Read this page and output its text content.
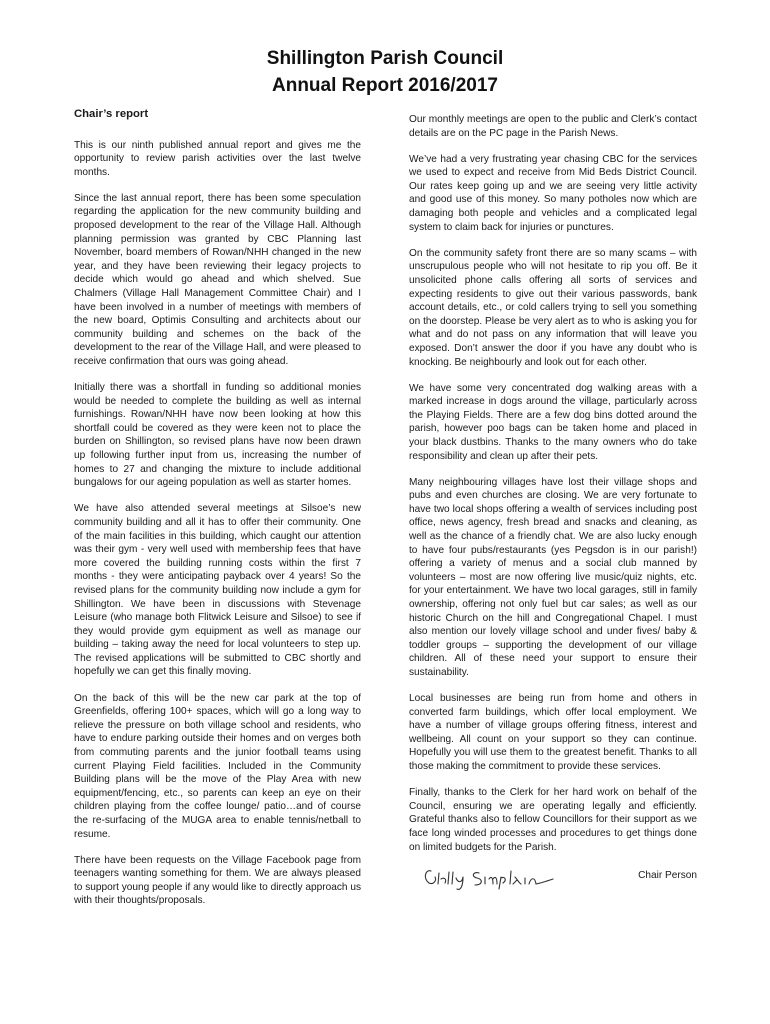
Shillington Parish Council
Annual Report 2016/2017
Chair’s report

This is our ninth published annual report and gives me the opportunity to review parish activities over the last twelve months.

Since the last annual report, there has been some speculation regarding the application for the new community building and proposed development to the rear of the Village Hall. Although planning permission was granted by CBC Planning last November, board members of Rowan/NHH changed in the new year, and they have been reviewing their legacy projects to decide which would go ahead and which shelved. Sue Chalmers (Village Hall Management Committee Chair) and I have been involved in a number of meetings with members of the new board, Optimis Consulting and architects about our community building and schemes on the back of the development to the rear of the Village Hall, and were pleased to receive confirmation that ours was going ahead.

Initially there was a shortfall in funding so additional monies would be needed to complete the building as well as internal furnishings. Rowan/NHH have now been looking at how this shortfall could be covered as they were keen not to place the burden on Shillington, so revised plans have now been drawn up following further input from us, increasing the number of homes to 27 and changing the mixture to include additional bungalows for our ageing population as well as starter homes.

We have also attended several meetings at Silsoe’s new community building and all it has to offer their community. One of the main facilities in this building, which caught our attention was their gym - very well used with membership fees that have more covered the building running costs within the first 7 months - they were anticipating payback over 4 years! So the revised plans for the community building now include a gym for Shillington. We have been in discussions with Stevenage Leisure (who manage both Flitwick Leisure and Silsoe) to see if they would provide gym equipment as well as manage our building – taking away the need for local volunteers to step up. The revised applications will be submitted to CBC shortly and hopefully we can get this finally moving.

On the back of this will be the new car park at the top of Greenfields, offering 100+ spaces, which will go a long way to relieve the pressure on both village school and residents, who have to endure parking outside their homes and on verges both from commuting parents and the junior football teams using current Playing Field facilities. Included in the Community Building plans will be the move of the Play Area with new equipment/fencing, etc., so parents can keep an eye on their children playing from the coffee lounge/ patio…and of course the re-surfacing of the MUGA area to enable tennis/netball to resume.

There have been requests on the Village Facebook page from teenagers wanting something for them. We are always pleased to support young people if any would like to directly approach us with their thoughts/proposals.

Our monthly meetings are open to the public and Clerk’s contact details are on the PC page in the Parish News.

We’ve had a very frustrating year chasing CBC for the services we used to expect and receive from Mid Beds District Council. Our rates keep going up and we are seeing very little activity and good use of this money. So many potholes now which are damaging both people and vehicles and a complicated legal system to claim back for injuries or punctures.

On the community safety front there are so many scams – with unscrupulous people who will not hesitate to rip you off. Be it unsolicited phone calls offering all sorts of services and expecting residents to give out their various passwords, bank account details, etc., or cold callers trying to sell you something on the doorstep. Please be very alert as to who is asking you for what and do not pass on any information that will leave you exposed. Don’t answer the door if you have any doubt who is knocking. Be neighbourly and look out for each other.

We have some very concentrated dog walking areas with a marked increase in dogs around the village, particularly across the Playing Fields. There are a few dog bins dotted around the parish, however poo bags can be taken home and placed in your black dustbins. Thanks to the many owners who do take responsibility and clean up after their pets.

Many neighbouring villages have lost their village shops and pubs and even churches are closing. We are very fortunate to have two local shops offering a wealth of services including post office, news agency, fresh bread and snacks and cleaning, as well as the chance of a friendly chat. We are also lucky enough to have four pubs/restaurants (yes Pegsdon is in our parish!) offering a variety of menus and a social club manned by volunteers – most are now offering live music/quiz nights, etc. for your entertainment. We have two local garages, still in family ownership, offering not only fuel but car sales; as well as our historic Church on the hill and Congregational Chapel. I must also mention our lovely village school and under fives/ baby & toddler groups – supporting the development of our village children. All of these need your support to ensure their sustainability.

Local businesses are being run from home and others in converted farm buildings, which offer local employment. We have a number of village groups offering fitness, interest and wellbeing. All count on your support so they can continue. Hopefully you will use them to the greatest benefit. Thanks to all those making the commitment to provide these services.

Finally, thanks to the Clerk for her hard work on behalf of the Council, ensuring we are operating legally and efficiently. Grateful thanks also to fellow Councillors for their support as we face long winded processes and procedures to get things done on limited budgets for the Parish.

Chair Person
